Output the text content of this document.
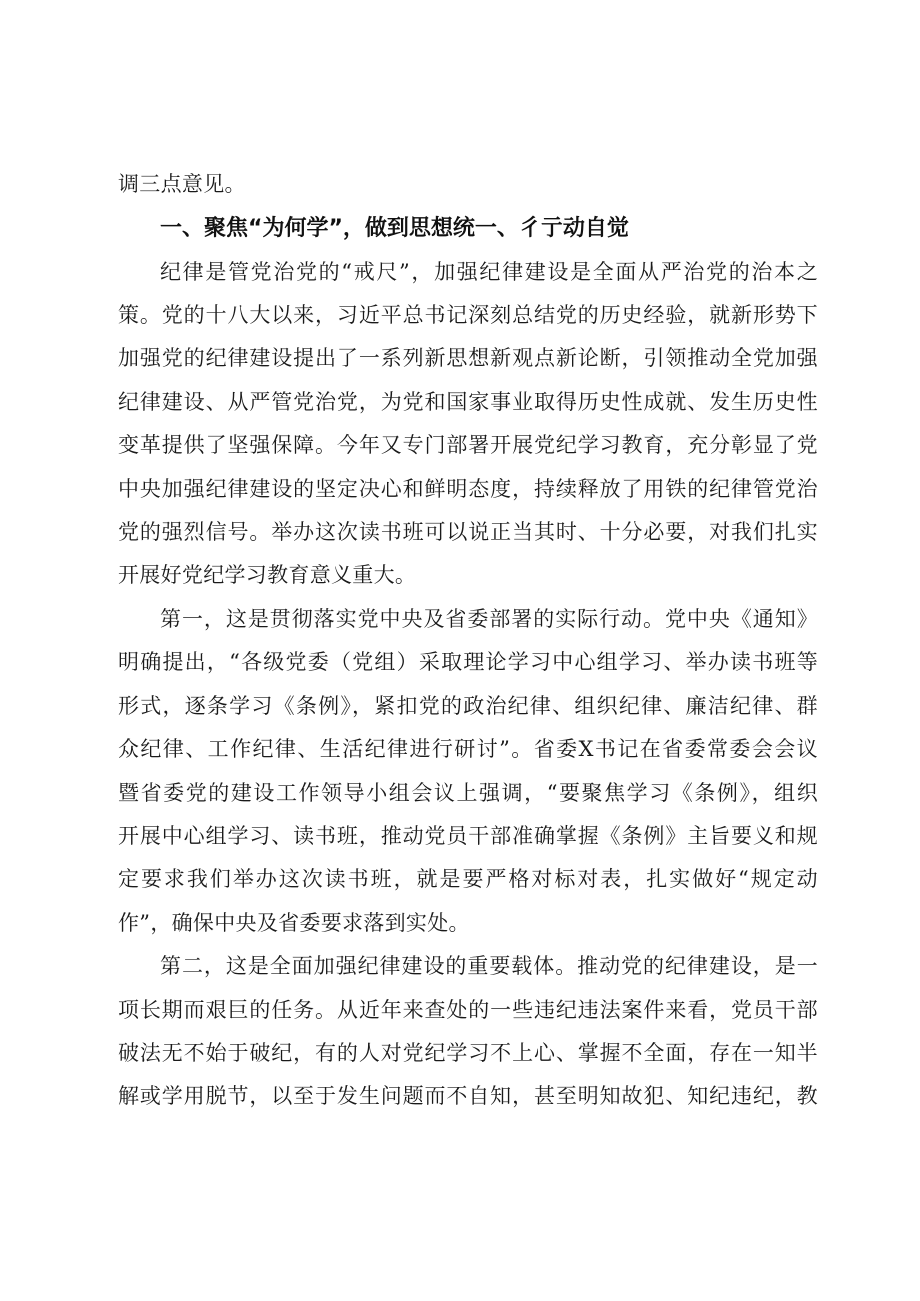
调三点意见。
一、聚焦“为何学”，做到思想统一、彳亍动自觉
纪律是管党治党的“戒尺”，加强纪律建设是全面从严治党的治本之
策。党的十八大以来，习近平总书记深刻总结党的历史经验，就新形势下
加强党的纪律建设提出了一系列新思想新观点新论断，引领推动全党加强
纪律建设、从严管党治党，为党和国家事业取得历史性成就、发生历史性
变革提供了坚强保障。今年又专门部署开展党纪学习教育，充分彰显了党
中央加强纪律建设的坚定决心和鲜明态度，持续释放了用铁的纪律管党治
党的强烈信号。举办这次读书班可以说正当其时、十分必要，对我们扎实
开展好党纪学习教育意义重大。
第一，这是贯彻落实党中央及省委部署的实际行动。党中央《通知》
明确提出，“各级党委（党组）采取理论学习中心组学习、举办读书班等
形式，逐条学习《条例》，紧扣党的政治纪律、组织纪律、廉洁纪律、群
众纪律、工作纪律、生活纪律进行研讨”。省委X书记在省委常委会会议
暨省委党的建设工作领导小组会议上强调，“要聚焦学习《条例》，组织
开展中心组学习、读书班，推动党员干部准确掌握《条例》主旨要义和规
定要求我们举办这次读书班，就是要严格对标对表，扎实做好“规定动
作”，确保中央及省委要求落到实处。
第二，这是全面加强纪律建设的重要载体。推动党的纪律建设，是一
项长期而艰巨的任务。从近年来查处的一些违纪违法案件来看，党员干部
破法无不始于破纪，有的人对党纪学习不上心、掌握不全面，存在一知半
解或学用脱节，以至于发生问题而不自知，甚至明知故犯、知纪违纪，教
